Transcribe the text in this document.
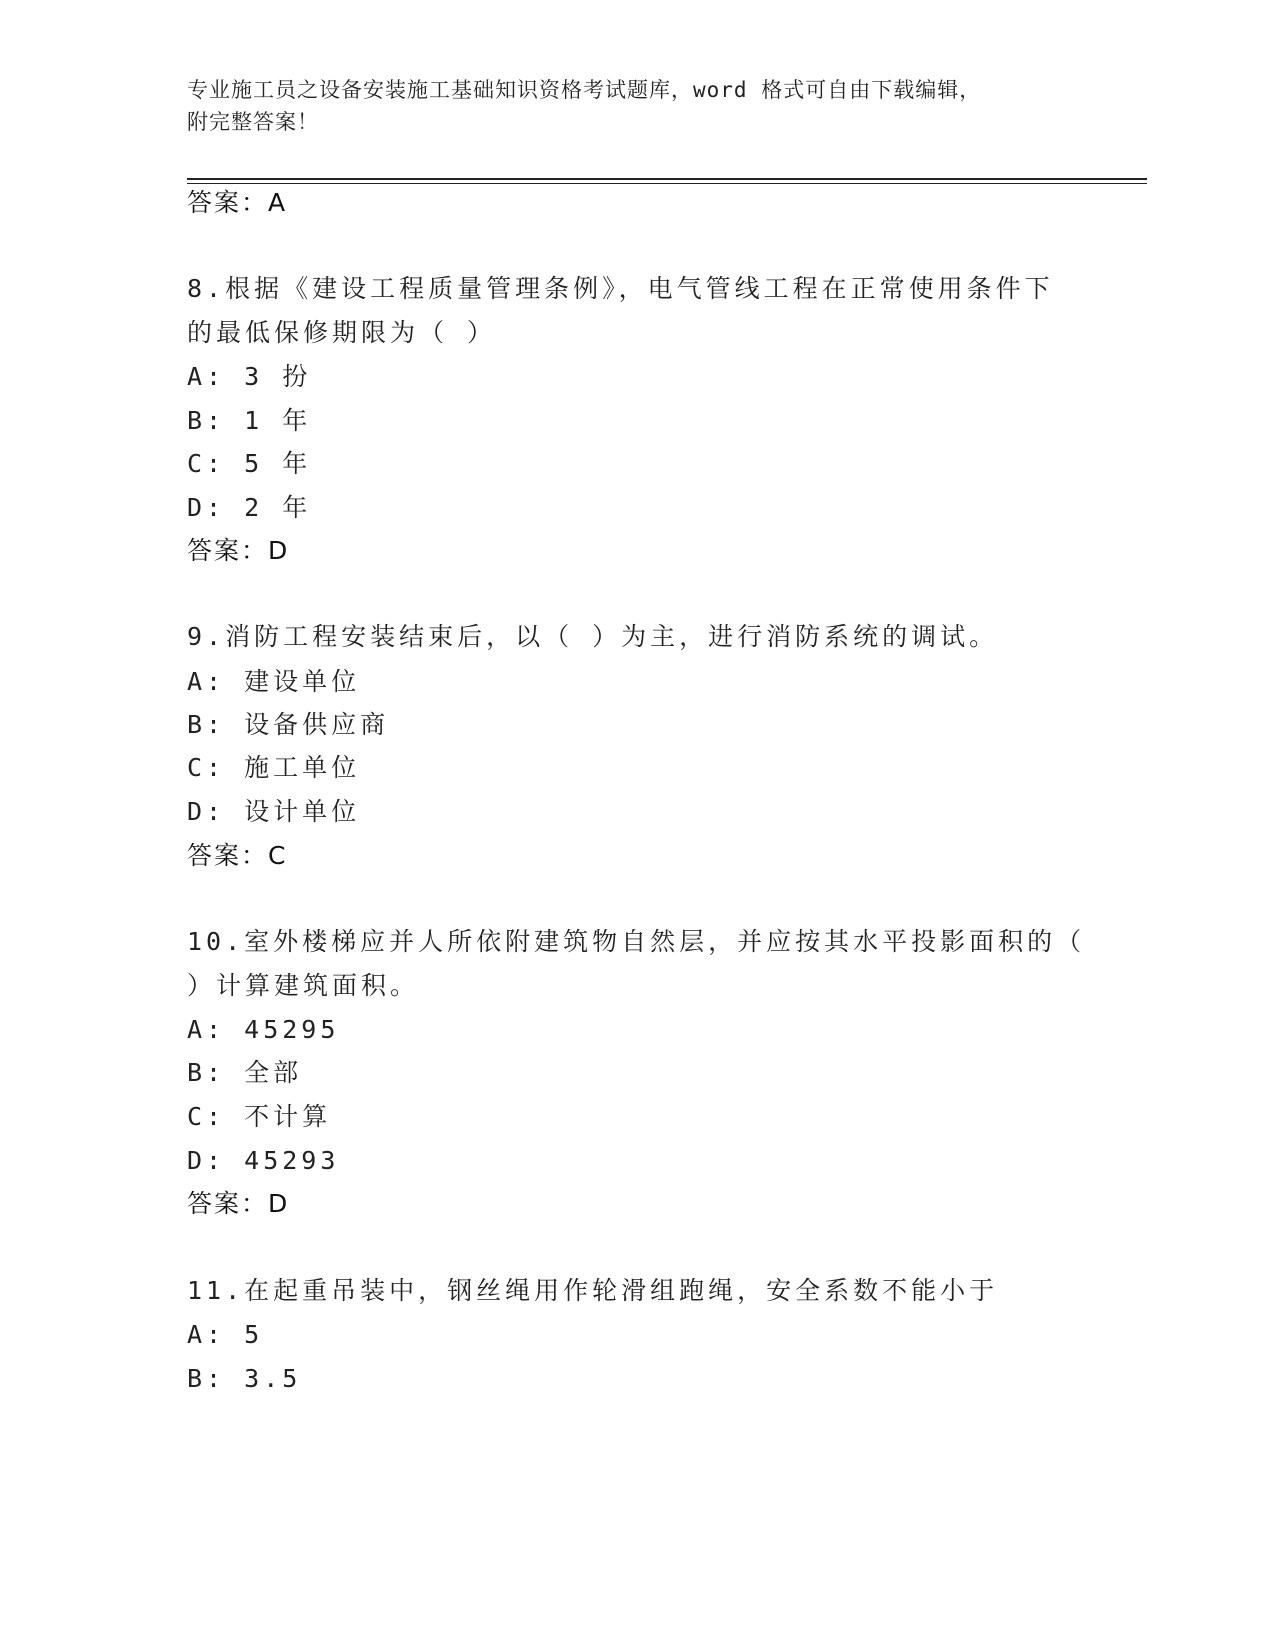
专业施工员之设备安装施工基础知识资格考试题库，word 格式可自由下载编辑，
附完整答案！
答案：A
8.根据《建设工程质量管理条例》，电气管线工程在正常使用条件下
的最低保修期限为（ ）
A: 3 扮
B: 1 年
C: 5 年
D: 2 年
答案：D
9.消防工程安装结束后，以（ ）为主，进行消防系统的调试。
A: 建设单位
B: 设备供应商
C: 施工单位
D: 设计单位
答案：C
10.室外楼梯应并人所依附建筑物自然层，并应按其水平投影面积的（
）计算建筑面积。
A: 45295
B: 全部
C: 不计算
D: 45293
答案：D
11.在起重吊装中，钢丝绳用作轮滑组跑绳，安全系数不能小于
A: 5
B: 3.5
